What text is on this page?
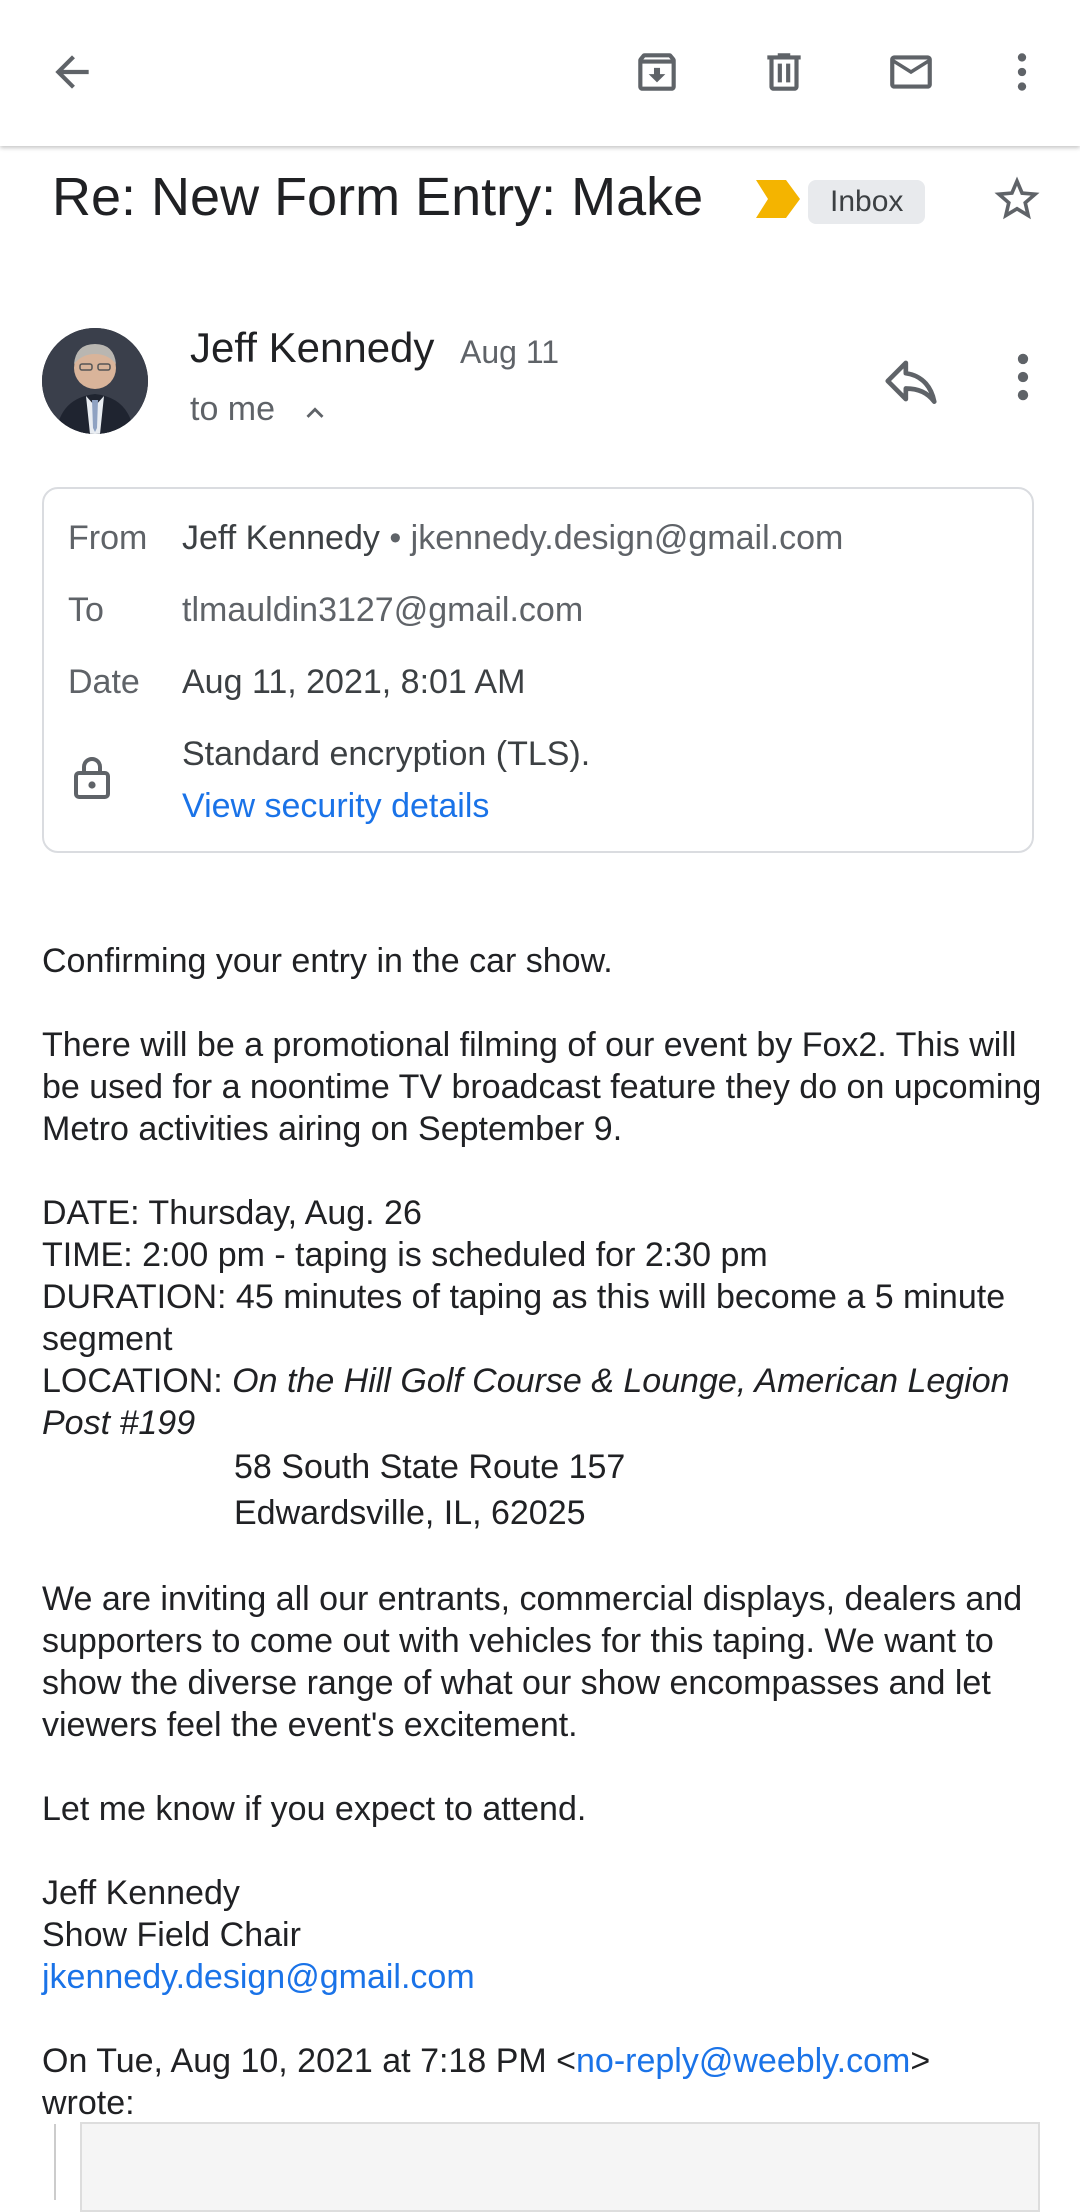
Re: New Form Entry: Make	Inbox
Jeff Kennedy Aug 11
to me
From Jeff Kennedy • jkennedy.design@gmail.com
To tlmauldin3127@gmail.com
Date Aug 11, 2021, 8:01 AM
Standard encryption (TLS).
View security details

Confirming your entry in the car show.

There will be a promotional filming of our event by Fox2. This will be used for a noontime TV broadcast feature they do on upcoming Metro activities airing on September 9.

DATE: Thursday, Aug. 26
TIME: 2:00 pm - taping is scheduled for 2:30 pm
DURATION: 45 minutes of taping as this will become a 5 minute segment
LOCATION: On the Hill Golf Course & Lounge, American Legion Post #199
58 South State Route 157
Edwardsville, IL, 62025

We are inviting all our entrants, commercial displays, dealers and supporters to come out with vehicles for this taping. We want to show the diverse range of what our show encompasses and let viewers feel the event's excitement.

Let me know if you expect to attend.

Jeff Kennedy
Show Field Chair
jkennedy.design@gmail.com
On Tue, Aug 10, 2021 at 7:18 PM <no-reply@weebly.com>
wrote:
